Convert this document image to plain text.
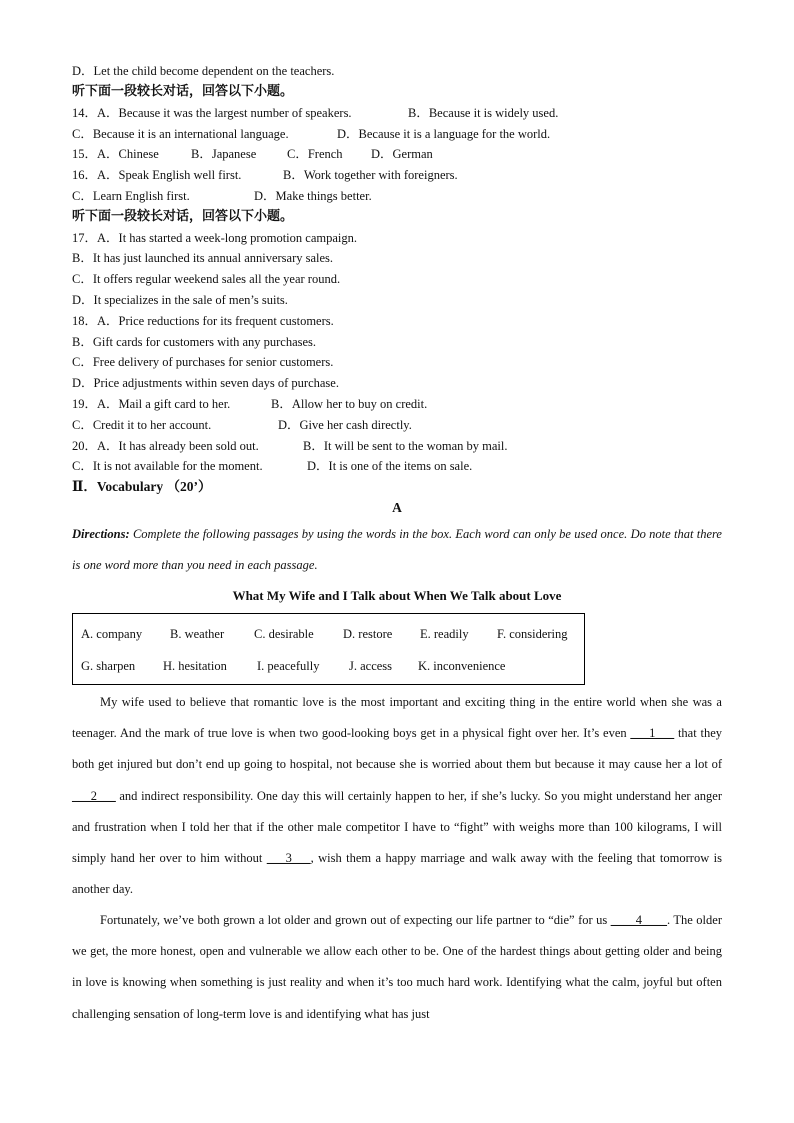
D．Let the child become dependent on the teachers.
听下面一段较长对话，回答以下小题。
14．A．Because it was the largest number of speakers.	B．Because it is widely used.
C．Because it is an international language.	D．Because it is a language for the world.
15．A．Chinese	B．Japanese C．French D．German
16．A．Speak English well first.	B．Work together with foreigners.
C．Learn English first.	D．Make things better.
听下面一段较长对话，回答以下小题。
17．A．It has started a week-long promotion campaign.
B．It has just launched its annual anniversary sales.
C．It offers regular weekend sales all the year round.
D．It specializes in the sale of men’s suits.
18．A．Price reductions for its frequent customers.
B．Gift cards for customers with any purchases.
C．Free delivery of purchases for senior customers.
D．Price adjustments within seven days of purchase.
19．A．Mail a gift card to her.	B．Allow her to buy on credit.
C．Credit it to her account.	D．Give her cash directly.
20．A．It has already been sold out.	B．It will be sent to the woman by mail.
C．It is not available for the moment.	D．It is one of the items on sale.
Ⅱ．Vocabulary （20’）
A
Directions: Complete the following passages by using the words in the box. Each word can only be used once. Do note that there is one word more than you need in each passage.
What My Wife and I Talk about When We Talk about Love
A. company B. weather C. desirable D. restore E. readily F. considering
G. sharpen H. hesitation I. peacefully J. access K. inconvenience
My wife used to believe that romantic love is the most important and exciting thing in the entire world when she was a teenager. And the mark of true love is when two good-looking boys get in a physical fight over her. It’s even ___1___ that they both get injured but don’t end up going to hospital, not because she is worried about them but because it may cause her a lot of ___2___ and indirect responsibility. One day this will certainly happen to her, if she’s lucky. So you might understand her anger and frustration when I told her that if the other male competitor I have to “fight” with weighs more than 100 kilograms, I will simply hand her over to him without ___3___, wish them a happy marriage and walk away with the feeling that tomorrow is another day.
Fortunately, we’ve both grown a lot older and grown out of expecting our life partner to “die” for us ____4____. The older we get, the more honest, open and vulnerable we allow each other to be. One of the hardest things about getting older and being in love is knowing when something is just reality and when it’s too much hard work. Identifying what the calm, joyful but often challenging sensation of long-term love is and identifying what has just
